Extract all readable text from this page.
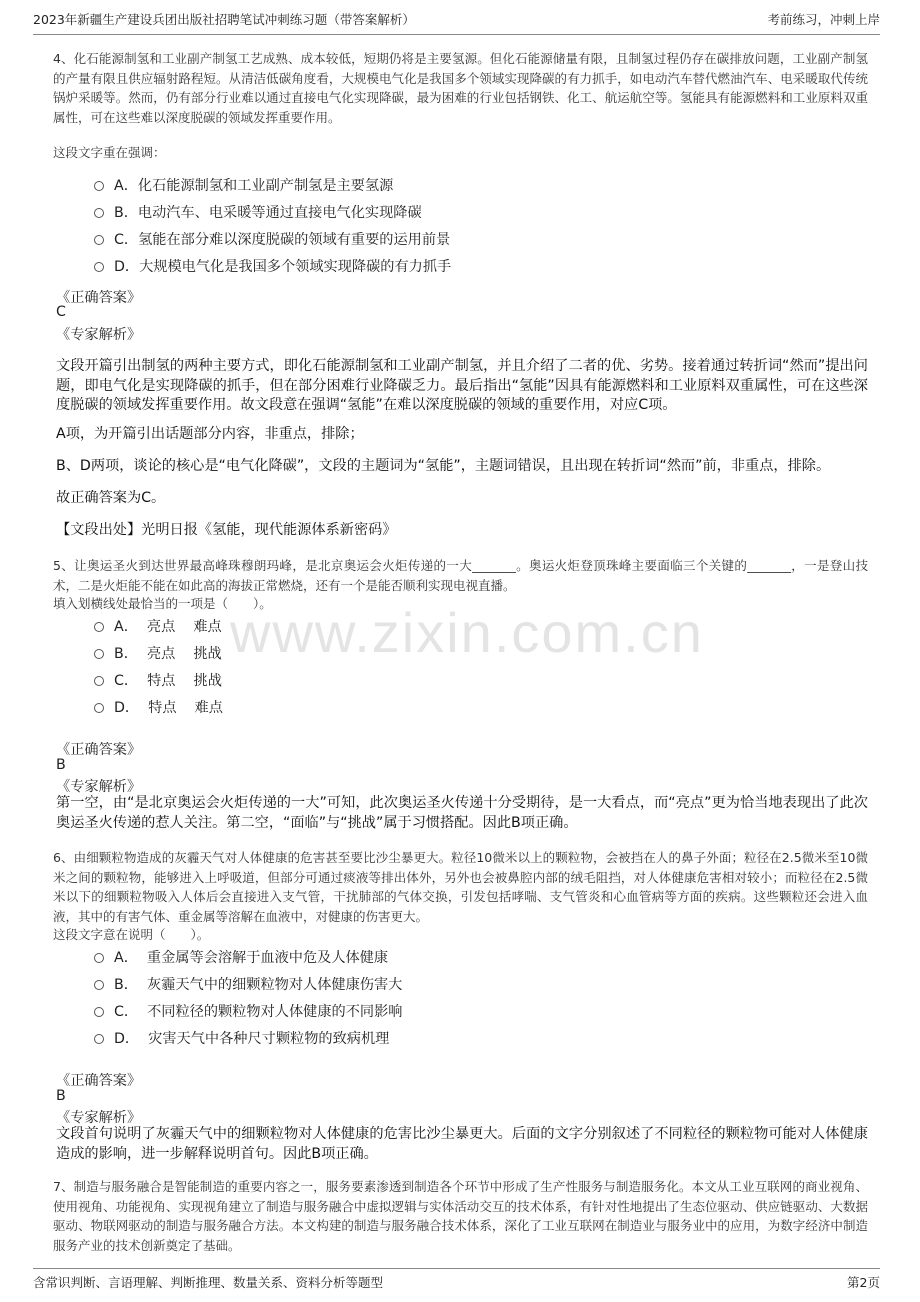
2023年新疆生产建设兵团出版社招聘笔试冲刺练习题（带答案解析）	考前练习，冲刺上岸
www.zixin.com.cn
4、化石能源制氢和工业副产制氢工艺成熟、成本较低，短期仍将是主要氢源。但化石能源储量有限，且制氢过程仍存在碳排放问题，工业副产制氢的产量有限且供应辐射路程短。从清洁低碳角度看，大规模电气化是我国多个领域实现降碳的有力抓手，如电动汽车替代燃油汽车、电采暖取代传统锅炉采暖等。然而，仍有部分行业难以通过直接电气化实现降碳，最为困难的行业包括钢铁、化工、航运航空等。氢能具有能源燃料和工业原料双重属性，可在这些难以深度脱碳的领域发挥重要作用。
这段文字重在强调：
A．化石能源制氢和工业副产制氢是主要氢源
B．电动汽车、电采暖等通过直接电气化实现降碳
C．氢能在部分难以深度脱碳的领域有重要的运用前景
D．大规模电气化是我国多个领域实现降碳的有力抓手
《正确答案》
C
《专家解析》
文段开篇引出制氢的两种主要方式，即化石能源制氢和工业副产制氢，并且介绍了二者的优、劣势。接着通过转折词“然而”提出问题，即电气化是实现降碳的抓手，但在部分困难行业降碳乏力。最后指出“氢能”因具有能源燃料和工业原料双重属性，可在这些深度脱碳的领域发挥重要作用。故文段意在强调“氢能”在难以深度脱碳的领域的重要作用，对应C项。
A项，为开篇引出话题部分内容，非重点，排除；
B、D两项，谈论的核心是“电气化降碳”，文段的主题词为“氢能”，主题词错误，且出现在转折词“然而”前，非重点，排除。
故正确答案为C。
【文段出处】光明日报《氢能，现代能源体系新密码》
5、让奥运圣火到达世界最高峰珠穆朗玛峰，是北京奥运会火炬传递的一大_______。奥运火炬登顶珠峰主要面临三个关键的_______，一是登山技术，二是火炬能不能在如此高的海拔正常燃烧，还有一个是能否顺利实现电视直播。
填入划横线处最恰当的一项是（　　）。
A．  亮点    难点
B．  亮点    挑战
C．  特点    挑战
D．  特点    难点
《正确答案》
B
《专家解析》
第一空，由“是北京奥运会火炬传递的一大”可知，此次奥运圣火传递十分受期待，是一大看点，而“亮点”更为恰当地表现出了此次奥运圣火传递的惹人关注。第二空，“面临”与“挑战”属于习惯搭配。因此B项正确。
6、由细颗粒物造成的灰霾天气对人体健康的危害甚至要比沙尘暴更大。粒径10微米以上的颗粒物，会被挡在人的鼻子外面；粒径在2.5微米至10微米之间的颗粒物，能够进入上呼吸道，但部分可通过痰液等排出体外，另外也会被鼻腔内部的绒毛阻挡，对人体健康危害相对较小；而粒径在2.5微米以下的细颗粒物吸入人体后会直接进入支气管，干扰肺部的气体交换，引发包括哮喘、支气管炎和心血管病等方面的疾病。这些颗粒还会进入血液，其中的有害气体、重金属等溶解在血液中，对健康的伤害更大。
这段文字意在说明（　　）。
A．  重金属等会溶解于血液中危及人体健康
B．  灰霾天气中的细颗粒物对人体健康伤害大
C．  不同粒径的颗粒物对人体健康的不同影响
D．  灾害天气中各种尺寸颗粒物的致病机理
《正确答案》
B
《专家解析》
文段首句说明了灰霾天气中的细颗粒物对人体健康的危害比沙尘暴更大。后面的文字分别叙述了不同粒径的颗粒物可能对人体健康造成的影响，进一步解释说明首句。因此B项正确。
7、制造与服务融合是智能制造的重要内容之一，服务要素渗透到制造各个环节中形成了生产性服务与制造服务化。本文从工业互联网的商业视角、使用视角、功能视角、实现视角建立了制造与服务融合中虚拟逻辑与实体活动交互的技术体系，有针对性地提出了生态位驱动、供应链驱动、大数据驱动、物联网驱动的制造与服务融合方法。本文构建的制造与服务融合技术体系，深化了工业互联网在制造业与服务业中的应用，为数字经济中制造服务产业的技术创新奠定了基础。
含常识判断、言语理解、判断推理、数量关系、资料分析等题型	第2页
